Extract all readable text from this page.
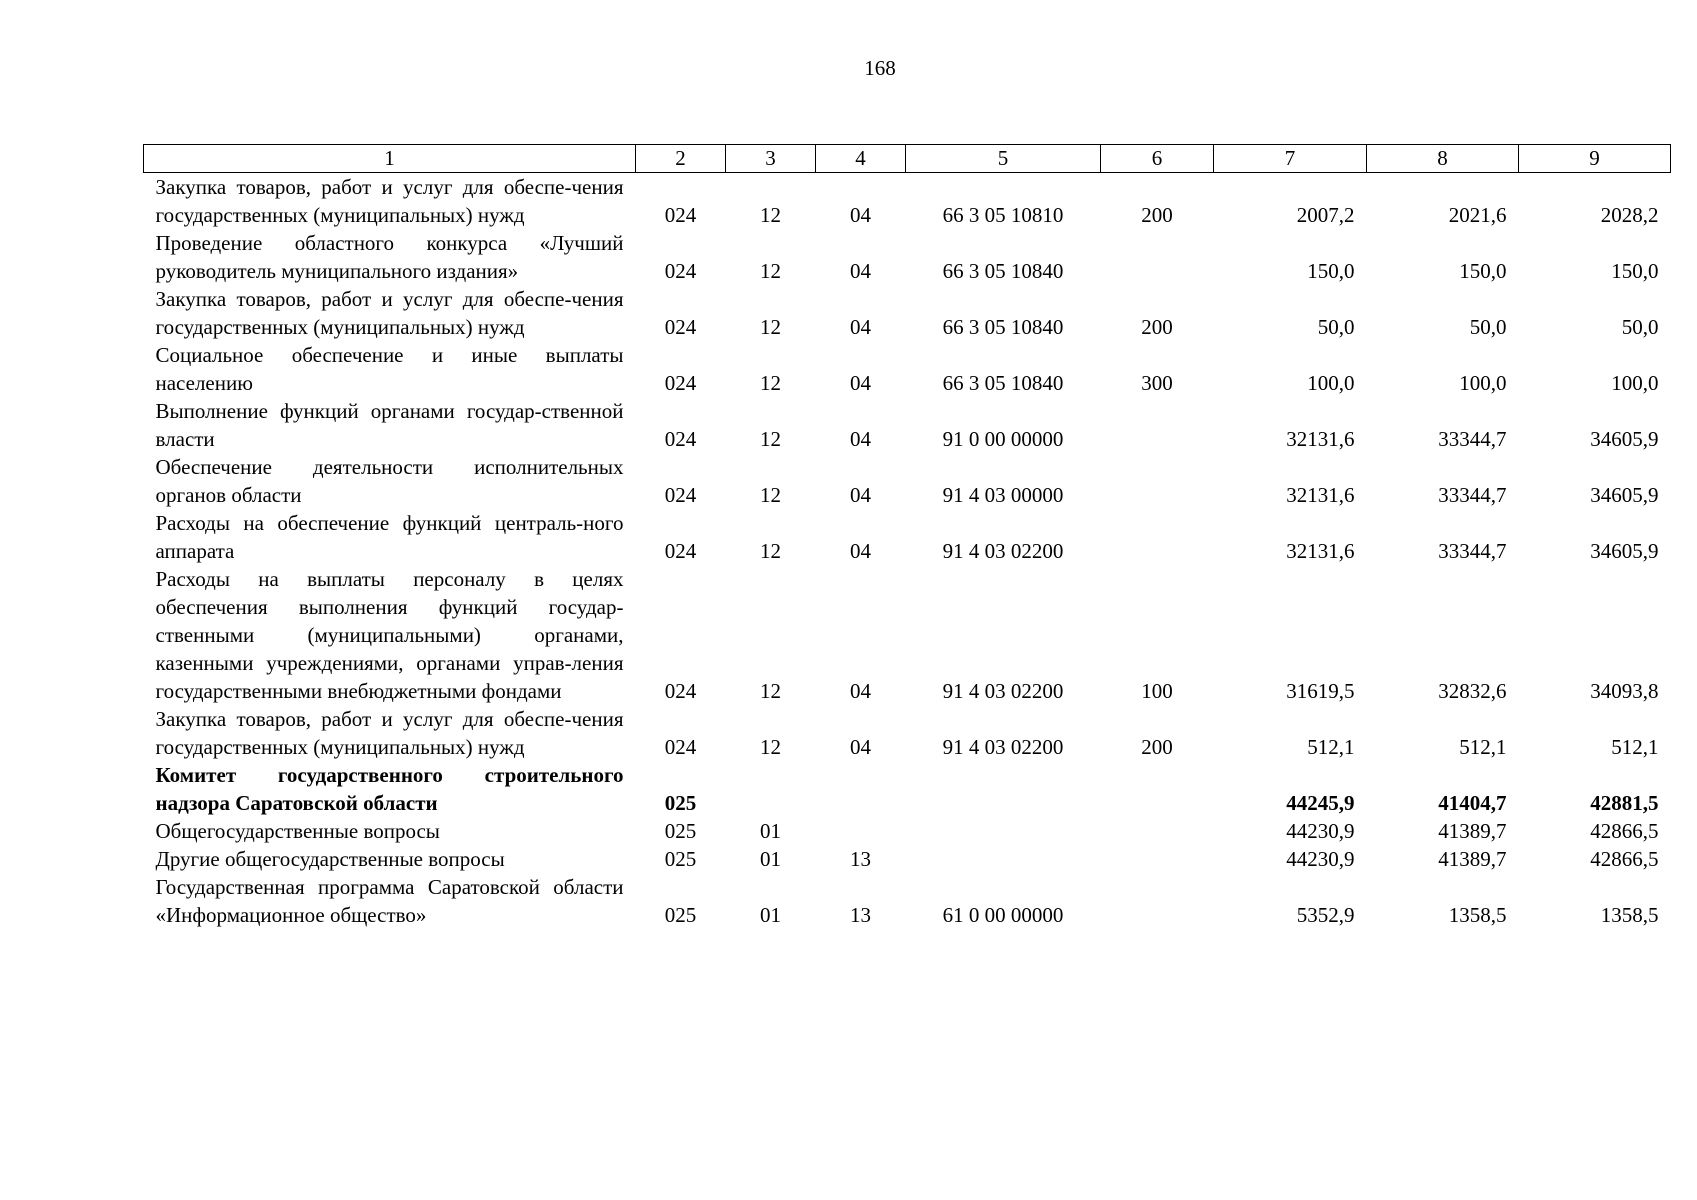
168
1	2	3	4	5	6	7	8	9
Закупка товаров, работ и услуг для обеспе-чения государственных (муниципальных) нужд	024	12	04	66 3 05 10810	200	2007,2	2021,6	2028,2
Проведение областного конкурса «Лучший руководитель муниципального издания»	024	12	04	66 3 05 10840		150,0	150,0	150,0
Закупка товаров, работ и услуг для обеспе-чения государственных (муниципальных) нужд	024	12	04	66 3 05 10840	200	50,0	50,0	50,0
Социальное обеспечение и иные выплаты населению	024	12	04	66 3 05 10840	300	100,0	100,0	100,0
Выполнение функций органами государ-ственной власти	024	12	04	91 0 00 00000		32131,6	33344,7	34605,9
Обеспечение деятельности исполнительных органов области	024	12	04	91 4 03 00000		32131,6	33344,7	34605,9
Расходы на обеспечение функций централь-ного аппарата	024	12	04	91 4 03 02200		32131,6	33344,7	34605,9
Расходы на выплаты персоналу в целях обеспечения выполнения функций государ-ственными (муниципальными) органами, казенными учреждениями, органами управ-ления государственными внебюджетными фондами	024	12	04	91 4 03 02200	100	31619,5	32832,6	34093,8
Закупка товаров, работ и услуг для обеспе-чения государственных (муниципальных) нужд	024	12	04	91 4 03 02200	200	512,1	512,1	512,1
Комитет государственного строительного надзора Саратовской области	025					44245,9	41404,7	42881,5
Общегосударственные вопросы	025	01				44230,9	41389,7	42866,5
Другие общегосударственные вопросы	025	01	13			44230,9	41389,7	42866,5
Государственная программа Саратовской области «Информационное общество»	025	01	13	61 0 00 00000		5352,9	1358,5	1358,5
